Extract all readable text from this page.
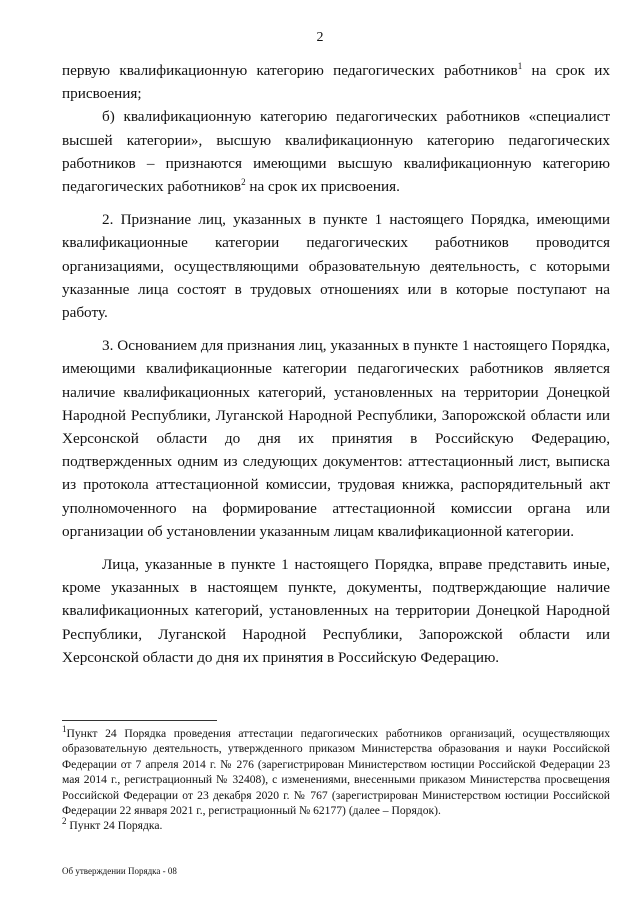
2

первую квалификационную категорию педагогических работников$^1$ на срок их присвоения;

б) квалификационную категорию педагогических работников «специалист высшей категории», высшую квалификационную категорию педагогических работников – признаются имеющими высшую квалификационную категорию педагогических работников$^2$ на срок их присвоения.

2. Признание лиц, указанных в пункте 1 настоящего Порядка, имеющими квалификационные категории педагогических работников проводится организациями, осуществляющими образовательную деятельность, с которыми указанные лица состоят в трудовых отношениях или в которые поступают на работу.

3. Основанием для признания лиц, указанных в пункте 1 настоящего Порядка, имеющими квалификационные категории педагогических работников является наличие квалификационных категорий, установленных на территории Донецкой Народной Республики, Луганской Народной Республики, Запорожской области или Херсонской области до дня их принятия в Российскую Федерацию, подтвержденных одним из следующих документов: аттестационный лист, выписка из протокола аттестационной комиссии, трудовая книжка, распорядительный акт уполномоченного на формирование аттестационной комиссии органа или организации об установлении указанным лицам квалификационной категории.

Лица, указанные в пункте 1 настоящего Порядка, вправе представить иные, кроме указанных в настоящем пункте, документы, подтверждающие наличие квалификационных категорий, установленных на территории Донецкой Народной Республики, Луганской Народной Республики, Запорожской области или Херсонской области до дня их принятия в Российскую Федерацию.

$^1$Пункт 24 Порядка проведения аттестации педагогических работников организаций, осуществляющих образовательную деятельность, утвержденного приказом Министерства образования и науки Российской Федерации от 7 апреля 2014 г. № 276 (зарегистрирован Министерством юстиции Российской Федерации 23 мая 2014 г., регистрационный № 32408), с изменениями, внесенными приказом Министерства просвещения Российской Федерации от 23 декабря 2020 г. № 767 (зарегистрирован Министерством юстиции Российской Федерации 22 января 2021 г., регистрационный № 62177) (далее – Порядок).

$^2$ Пункт 24 Порядка.

Об утверждении Порядка - 08
